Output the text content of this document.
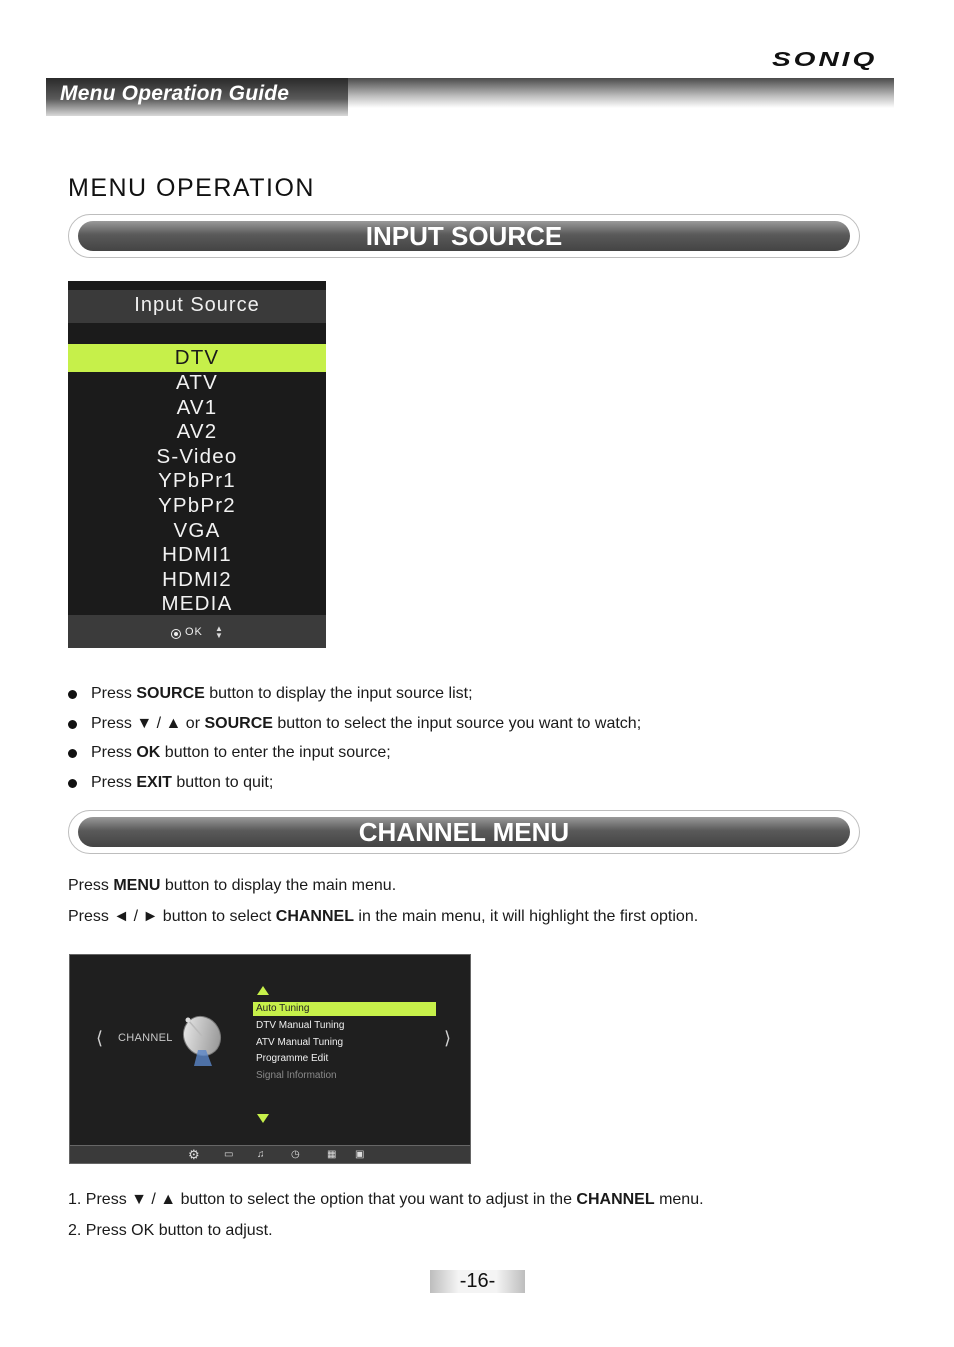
Menu Operation Guide
SONIQ
MENU OPERATION
INPUT SOURCE
Input Source
DTV
ATV
AV1
AV2
S-Video
YPbPr1
YPbPr2
VGA
HDMI1
HDMI2
MEDIA
OK ▲
▼
Press SOURCE button to display the input source list;
Press ▼ / ▲ or SOURCE button to select the input source you want to watch;
Press OK button to enter the input source;
Press EXIT button to quit;
CHANNEL MENU
Press MENU button to display the main menu.
Press ◄ / ► button to select CHANNEL in the main menu, it will highlight the first option.
⟨ CHANNEL
Auto Tuning
DTV Manual Tuning
ATV Manual Tuning
Programme Edit
Signal Information
⟩
⚙ ▭ ♫	◷	▦ ▣
1. Press ▼ / ▲ button to select the option that you want to adjust in the CHANNEL menu.
2. Press OK button to adjust.
-16-
